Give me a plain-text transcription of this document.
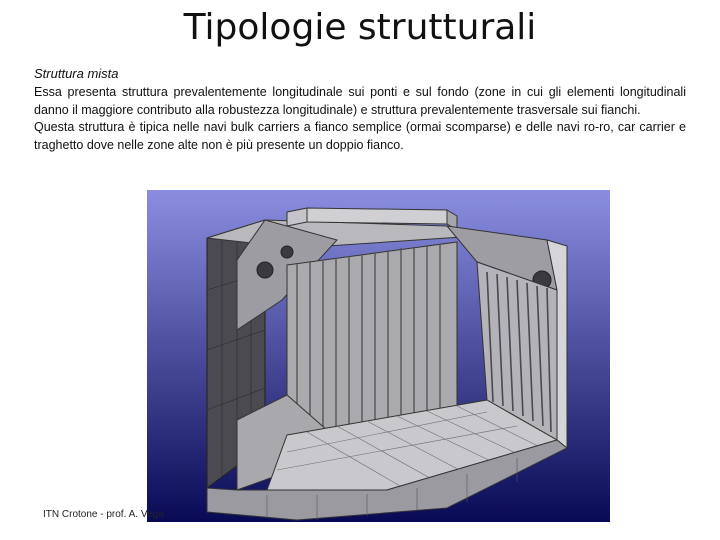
Tipologie strutturali
Struttura mista

Essa presenta struttura prevalentemente longitudinale sui ponti e sul fondo (zone in cui gli elementi longitudinali danno il maggiore contributo alla robustezza longitudinale) e struttura prevalentemente trasversale sui fianchi.

Questa struttura è tipica nelle navi bulk carriers a fianco semplice (ormai scomparse) e delle navi ro-ro, car carrier e traghetto dove nelle zone alte non è più presente un doppio fianco.

ITN Crotone - prof. A. Vega
